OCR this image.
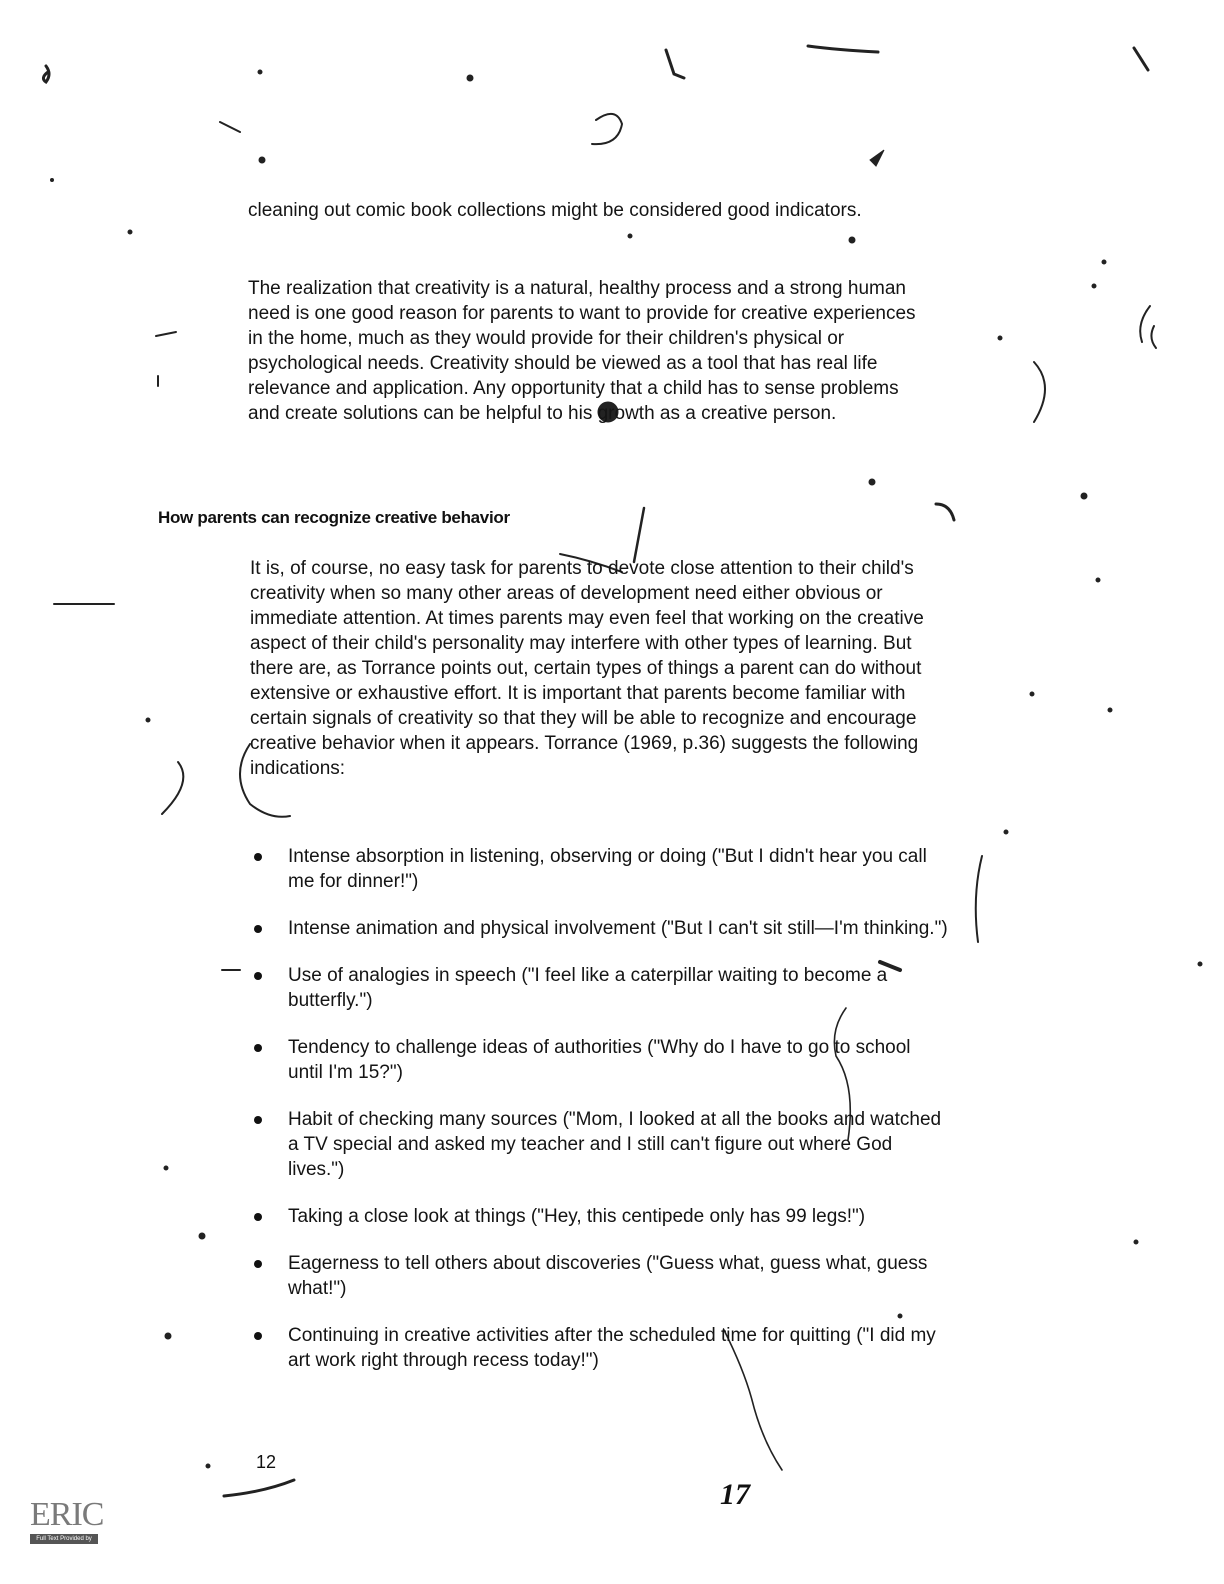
cleaning out comic book collections might be considered good indicators.

The realization that creativity is a natural, healthy process and a strong human need is one good reason for parents to want to provide for creative experiences in the home, much as they would provide for their children's physical or psychological needs. Creativity should be viewed as a tool that has real life relevance and application. Any opportunity that a child has to sense problems and create solutions can be helpful to his growth as a creative person.

How parents can recognize creative behavior

It is, of course, no easy task for parents to devote close attention to their child's creativity when so many other areas of development need either obvious or immediate attention. At times parents may even feel that working on the creative aspect of their child's personality may interfere with other types of learning. But there are, as Torrance points out, certain types of things a parent can do without extensive or exhaustive effort. It is important that parents become familiar with certain signals of creativity so that they will be able to recognize and encourage creative behavior when it appears. Torrance (1969, p.36) suggests the following indications:

Intense absorption in listening, observing or doing ("But I didn't hear you call me for dinner!")
Intense animation and physical involvement ("But I can't sit still—I'm thinking.")
Use of analogies in speech ("I feel like a caterpillar waiting to become a butterfly.")
Tendency to challenge ideas of authorities ("Why do I have to go to school until I'm 15?")
Habit of checking many sources ("Mom, I looked at all the books and watched a TV special and asked my teacher and I still can't figure out where God lives.")
Taking a close look at things ("Hey, this centipede only has 99 legs!")
Eagerness to tell others about discoveries ("Guess what, guess what, guess what!")
Continuing in creative activities after the scheduled time for quitting ("I did my art work right through recess today!")
12
17
ERIC
Full Text Provided by ERIC
